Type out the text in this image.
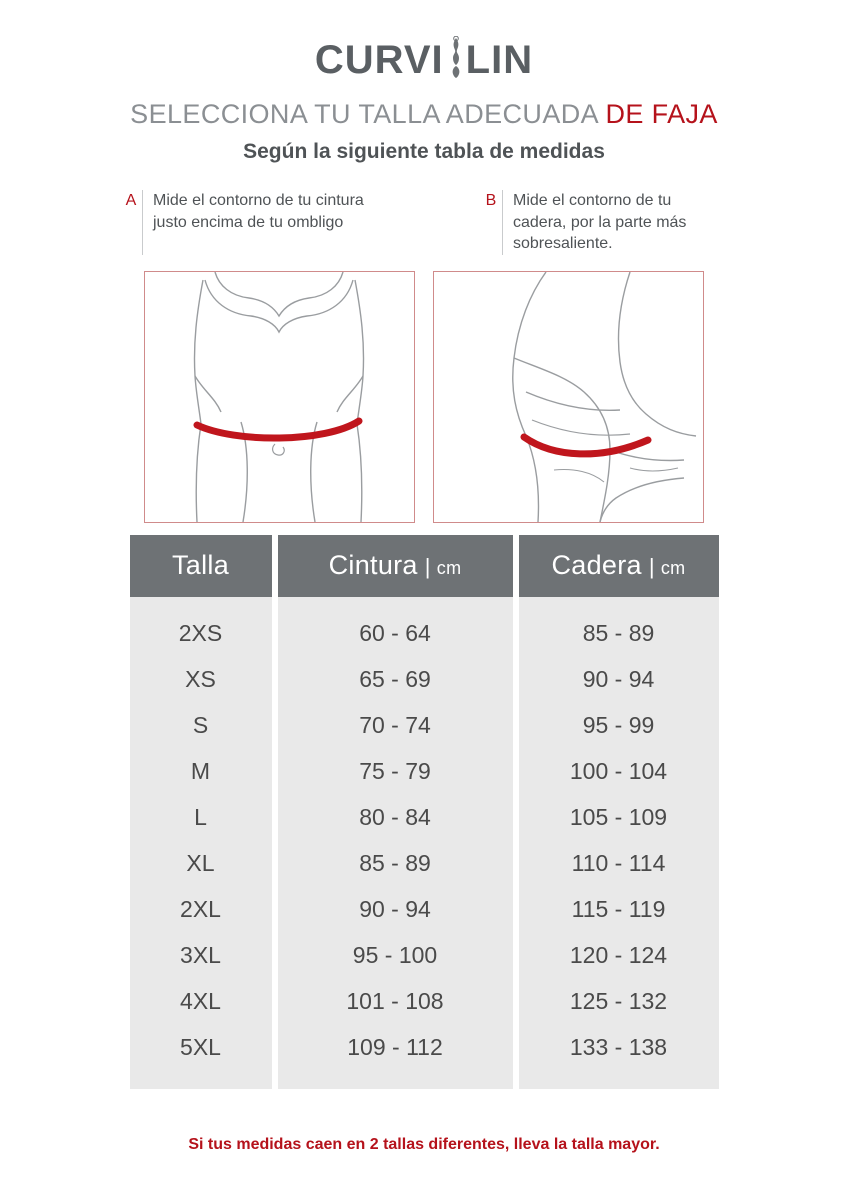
CURVI LIN
SELECCIONA TU TALLA ADECUADA DE FAJA
Según la siguiente tabla de medidas
A	Mide el contorno de tu cintura justo encima de tu ombligo
B	Mide el contorno de tu cadera, por la parte más sobresaliente.
Talla
2XS
XS
S
M
L
XL
2XL
3XL
4XL
5XL
Cintura | cm
60 - 64
65 - 69
70 - 74
75 - 79
80 - 84
85 - 89
90 - 94
95 - 100
101 - 108
109 - 112
Cadera | cm
85 - 89
90 - 94
95 - 99
100 - 104
105 - 109
110 - 114
115 - 119
120 - 124
125 - 132
133 - 138
Si tus medidas caen en 2 tallas diferentes, lleva la talla mayor.
